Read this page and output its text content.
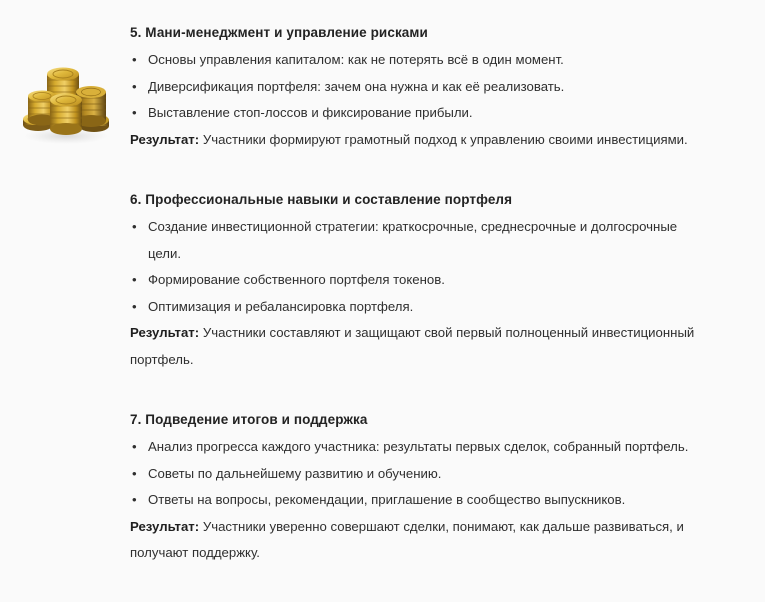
5. Мани-менеджмент и управление рисками
• Основы управления капиталом: как не потерять всё в один момент.
• Диверсификация портфеля: зачем она нужна и как её реализовать.
• Выставление стоп-лоссов и фиксирование прибыли.

Результат: Участники формируют грамотный подход к управлению своими инвестициями.

6. Профессиональные навыки и составление портфеля
• Создание инвестиционной стратегии: краткосрочные, среднесрочные и долгосрочные цели.
• Формирование собственного портфеля токенов.
• Оптимизация и ребалансировка портфеля.

Результат: Участники составляют и защищают свой первый полноценный инвестиционный портфель.

7. Подведение итогов и поддержка
• Анализ прогресса каждого участника: результаты первых сделок, собранный портфель.
• Советы по дальнейшему развитию и обучению.
• Ответы на вопросы, рекомендации, приглашение в сообщество выпускников.

Результат: Участники уверенно совершают сделки, понимают, как дальше развиваться, и получают поддержку.
